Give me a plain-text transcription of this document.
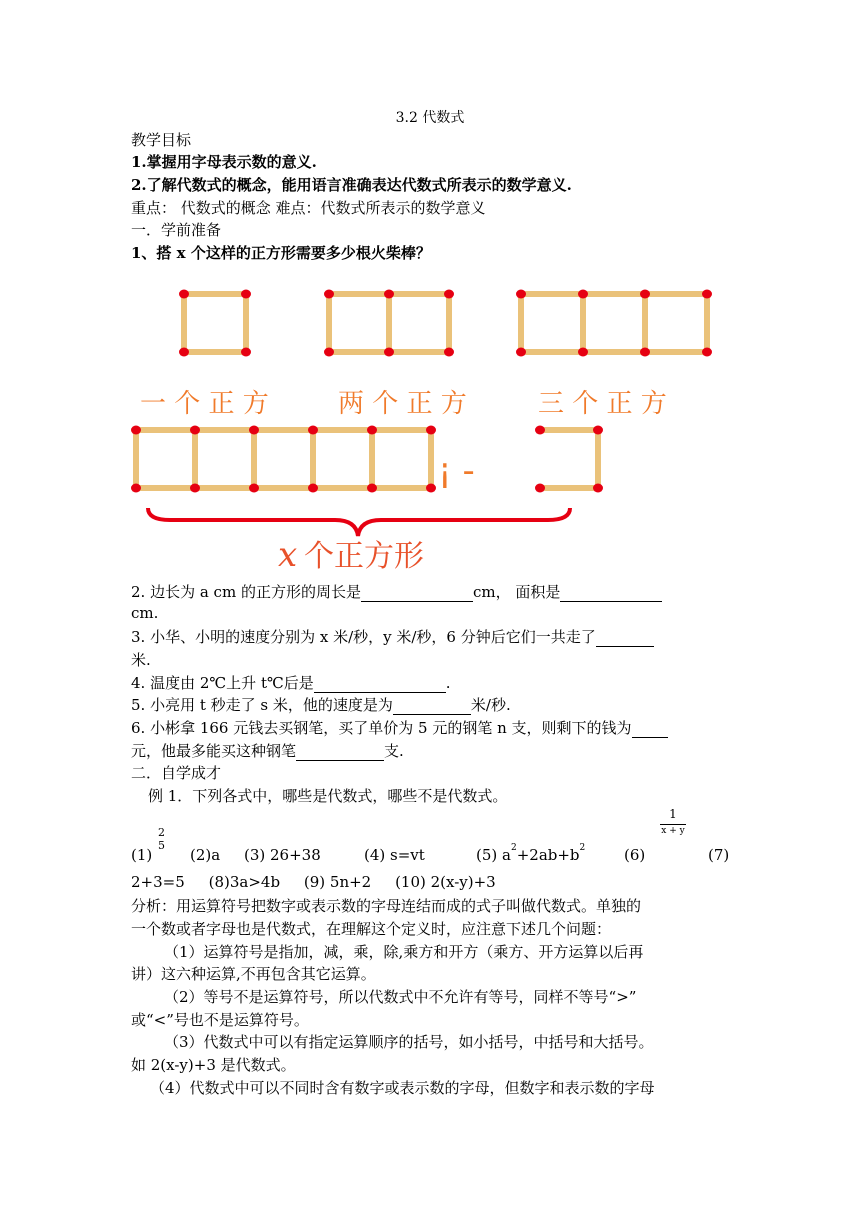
3.2 代数式
教学目标
1.掌握用字母表示数的意义.
2.了解代数式的概念，能用语言准确表达代数式所表示的数学意义.
重点： 代数式的概念 难点：代数式所表示的数学意义
一．学前准备
1、搭 x 个这样的正方形需要多少根火柴棒？
一 个 正 方	两 个 正 方	三 个 正 方
¡ -
x 个正方形
2. 边长为 a cm 的正方形的周长是	cm， 面积是
cm.
3. 小华、小明的速度分别为 x 米/秒，y 米/秒，6 分钟后它们一共走了
米.
4. 温度由 2℃上升 t℃后是	.
5. 小亮用 t 秒走了 s 米，他的速度是为	米/秒.
6. 小彬拿 166 元钱去买钢笔，买了单价为 5 元的钢笔 n 支，则剩下的钱为
元，他最多能买这种钢笔	支.
二．自学成才
例 1．下列各式中，哪些是代数式，哪些不是代数式。
(1)
2
5
(2)a (3) 26+38	(4) s=vt	(5) $a^2+2ab+b^2$	(6)
1
x + y
(7)
2+3=5     (8)3a>4b     (9) 5n+2     (10) 2(x-y)+3
分析：用运算符号把数字或表示数的字母连结而成的式子叫做代数式。单独的
一个数或者字母也是代数式，在理解这个定义时，应注意下述几个问题：
（1）运算符号是指加，减，乘，除,乘方和开方（乘方、开方运算以后再
讲）这六种运算,不再包含其它运算。
（2）等号不是运算符号，所以代数式中不允许有等号，同样不等号“>”
或“<”号也不是运算符号。
（3）代数式中可以有指定运算顺序的括号，如小括号，中括号和大括号。
如 2(x-y)+3 是代数式。
（4）代数式中可以不同时含有数字或表示数的字母，但数字和表示数的字母
